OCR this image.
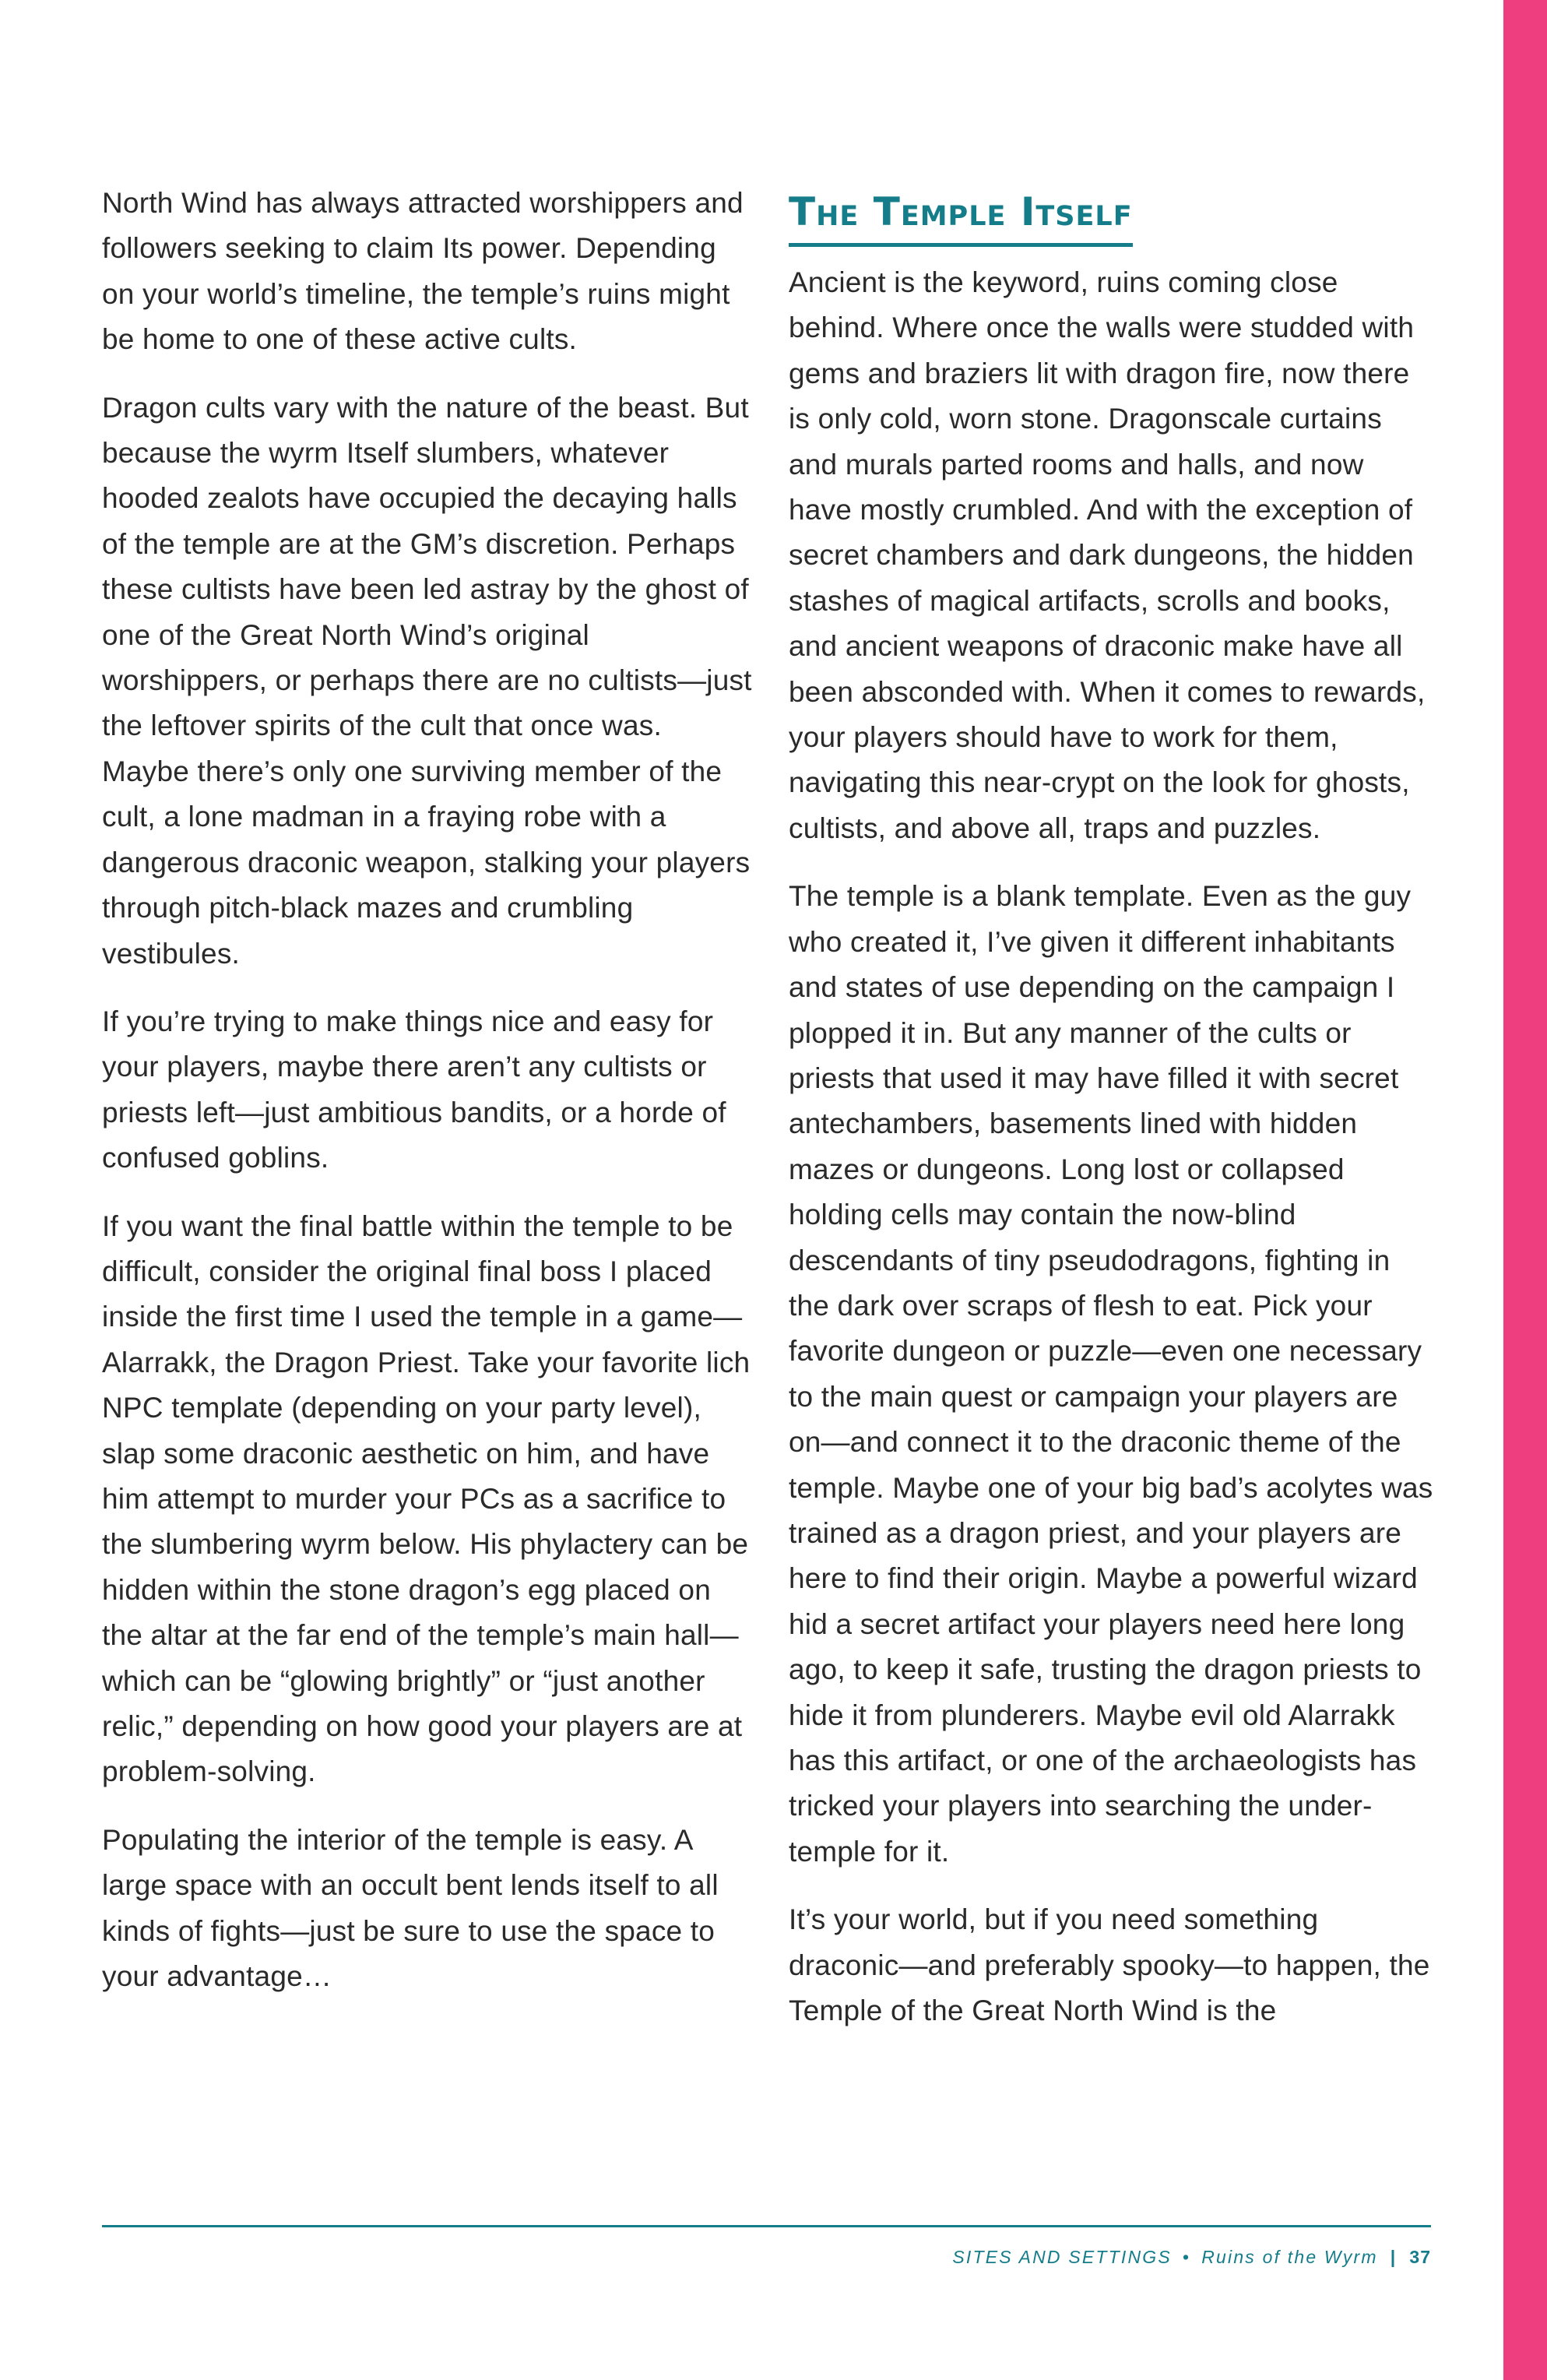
North Wind has always attracted worshippers and followers seeking to claim Its power. Depending on your world’s timeline, the temple’s ruins might be home to one of these active cults.

Dragon cults vary with the nature of the beast. But because the wyrm Itself slumbers, whatever hooded zealots have occupied the decaying halls of the temple are at the GM’s discretion. Perhaps these cultists have been led astray by the ghost of one of the Great North Wind’s original worshippers, or perhaps there are no cultists—just the leftover spirits of the cult that once was. Maybe there’s only one surviving member of the cult, a lone madman in a fraying robe with a dangerous draconic weapon, stalking your players through pitch-black mazes and crumbling vestibules.

If you’re trying to make things nice and easy for your players, maybe there aren’t any cultists or priests left—just ambitious bandits, or a horde of confused goblins.

If you want the final battle within the temple to be difficult, consider the original final boss I placed inside the first time I used the temple in a game—Alarrakk, the Dragon Priest. Take your favorite lich NPC template (depending on your party level), slap some draconic aesthetic on him, and have him attempt to murder your PCs as a sacrifice to the slumbering wyrm below. His phylactery can be hidden within the stone dragon’s egg placed on the altar at the far end of the temple’s main hall—which can be “glowing brightly” or “just another relic,” depending on how good your players are at problem-solving.

Populating the interior of the temple is easy. A large space with an occult bent lends itself to all kinds of fights—just be sure to use the space to your advantage…

The Temple Itself

Ancient is the keyword, ruins coming close behind. Where once the walls were studded with gems and braziers lit with dragon fire, now there is only cold, worn stone. Dragonscale curtains and murals parted rooms and halls, and now have mostly crumbled. And with the exception of secret chambers and dark dungeons, the hidden stashes of magical artifacts, scrolls and books, and ancient weapons of draconic make have all been absconded with. When it comes to rewards, your players should have to work for them, navigating this near-crypt on the look for ghosts, cultists, and above all, traps and puzzles.

The temple is a blank template. Even as the guy who created it, I’ve given it different inhabitants and states of use depending on the campaign I plopped it in. But any manner of the cults or priests that used it may have filled it with secret antechambers, basements lined with hidden mazes or dungeons. Long lost or collapsed holding cells may contain the now-blind descendants of tiny pseudodragons, fighting in the dark over scraps of flesh to eat. Pick your favorite dungeon or puzzle—even one necessary to the main quest or campaign your players are on—and connect it to the draconic theme of the temple. Maybe one of your big bad’s acolytes was trained as a dragon priest, and your players are here to find their origin. Maybe a powerful wizard hid a secret artifact your players need here long ago, to keep it safe, trusting the dragon priests to hide it from plunderers. Maybe evil old Alarrakk has this artifact, or one of the archaeologists has tricked your players into searching the under-temple for it.

It’s your world, but if you need something draconic—and preferably spooky—to happen, the Temple of the Great North Wind is the

SITES AND SETTINGS • Ruins of the Wyrm | 37
